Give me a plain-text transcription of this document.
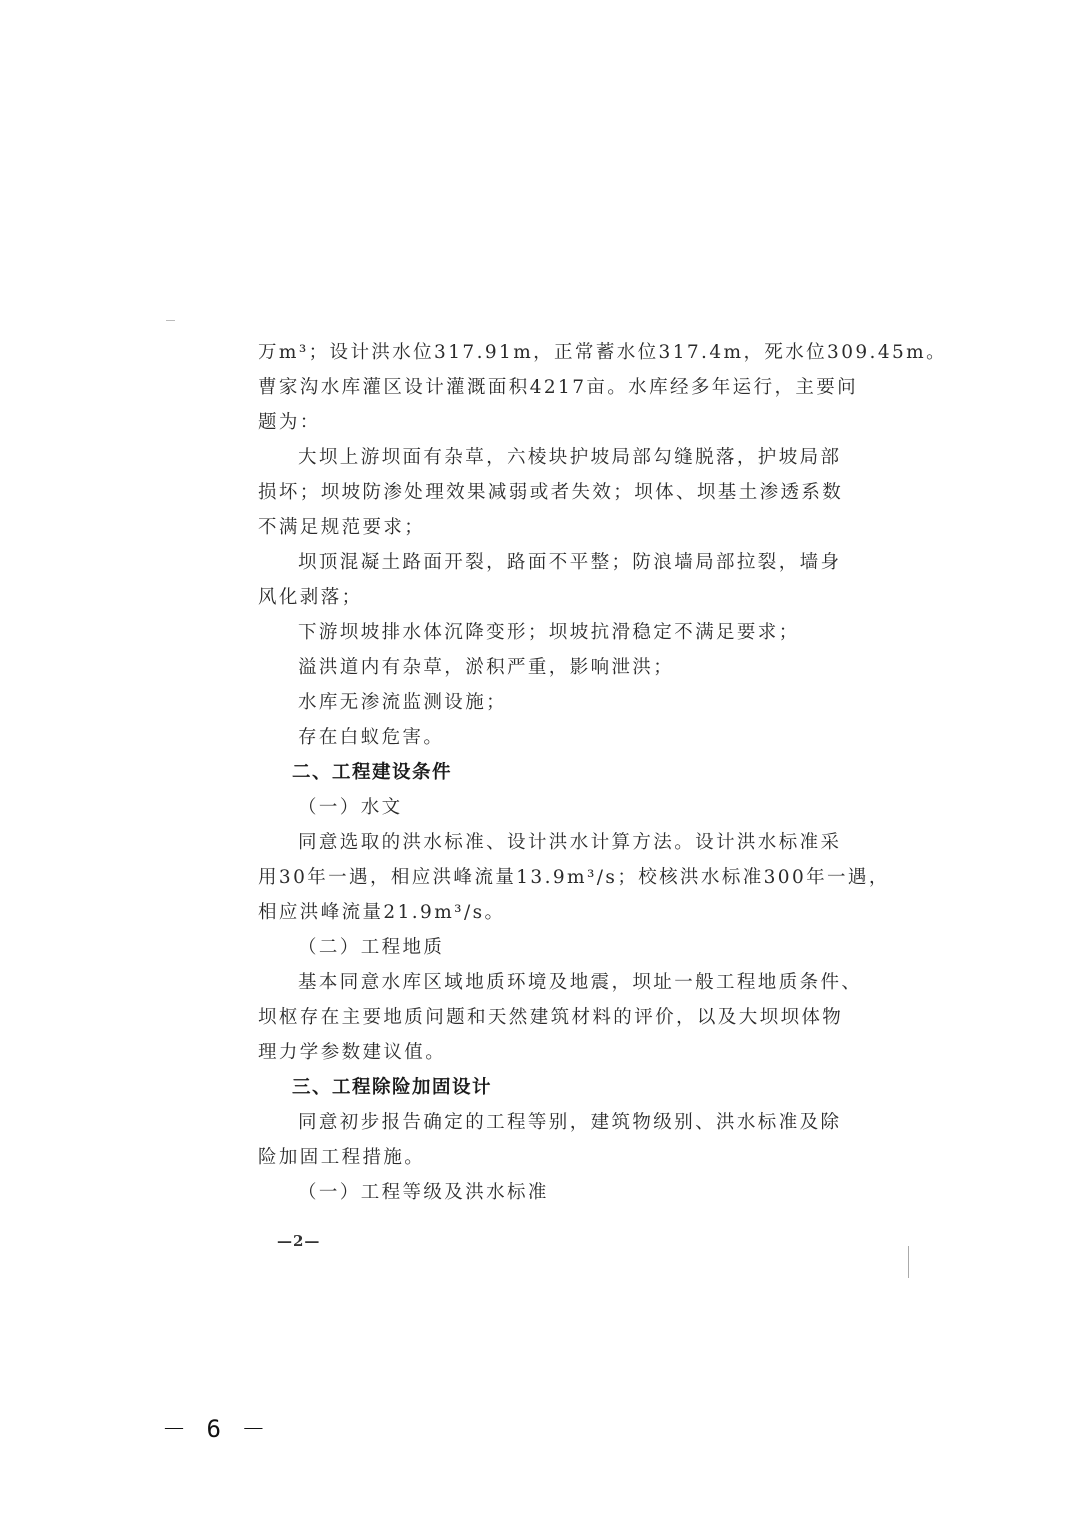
万m³；设计洪水位317.91m，正常蓄水位317.4m，死水位309.45m。
曹家沟水库灌区设计灌溉面积4217亩。水库经多年运行，主要问
题为：
大坝上游坝面有杂草，六棱块护坡局部勾缝脱落，护坡局部
损坏；坝坡防渗处理效果减弱或者失效；坝体、坝基土渗透系数
不满足规范要求；
坝顶混凝土路面开裂，路面不平整；防浪墙局部拉裂，墙身
风化剥落；
下游坝坡排水体沉降变形；坝坡抗滑稳定不满足要求；
溢洪道内有杂草，淤积严重，影响泄洪；
水库无渗流监测设施；
存在白蚁危害。
二、工程建设条件
（一）水文
同意选取的洪水标准、设计洪水计算方法。设计洪水标准采
用30年一遇，相应洪峰流量13.9m³/s；校核洪水标准300年一遇，
相应洪峰流量21.9m³/s。
（二）工程地质
基本同意水库区域地质环境及地震，坝址一般工程地质条件、
坝枢存在主要地质问题和天然建筑材料的评价，以及大坝坝体物
理力学参数建议值。
三、工程除险加固设计
同意初步报告确定的工程等别，建筑物级别、洪水标准及除
险加固工程措施。
（一）工程等级及洪水标准
—2—
－ 6 －
